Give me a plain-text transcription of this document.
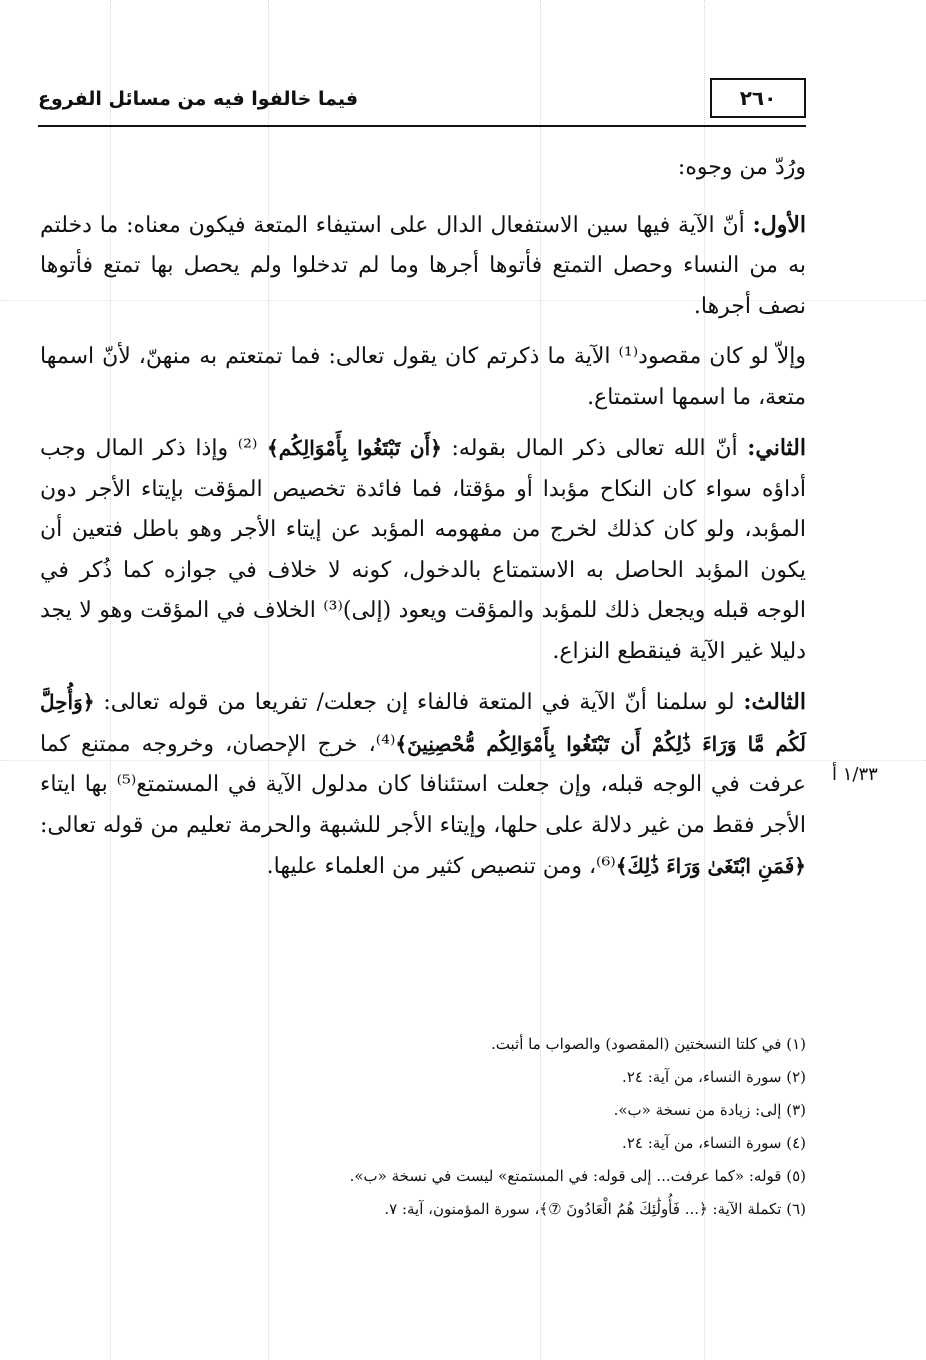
٢٦٠
فيما خالفوا فيه من مسائل الفروع

ورُدّ من وجوه:

الأول: أنّ الآية فيها سين الاستفعال الدال على استيفاء المتعة فيكون معناه: ما دخلتم به من النساء وحصل التمتع فأتوها أجرها وما لم تدخلوا ولم يحصل بها تمتع فأتوها نصف أجرها.

وإلاّ لو كان مقصود⁽¹⁾ الآية ما ذكرتم كان يقول تعالى: فما تمتعتم به منهنّ، لأنّ اسمها متعة، ما اسمها استمتاع.

الثاني: أنّ الله تعالى ذكر المال بقوله: ﴿أَن تَبْتَغُوا بِأَمْوَالِكُم﴾ ⁽²⁾ وإذا ذكر المال وجب أداؤه سواء كان النكاح مؤبدا أو مؤقتا، فما فائدة تخصيص المؤقت بإيتاء الأجر دون المؤبد، ولو كان كذلك لخرج من مفهومه المؤبد عن إيتاء الأجر وهو باطل فتعين أن يكون المؤبد الحاصل به الاستمتاع بالدخول، كونه لا خلاف في جوازه كما ذُكر في الوجه قبله ويجعل ذلك للمؤبد والمؤقت ويعود (إلى)⁽³⁾ الخلاف في المؤقت وهو لا يجد دليلا غير الآية فينقطع النزاع.

الثالث: لو سلمنا أنّ الآية في المتعة فالفاء إن جعلت/ تفريعا من قوله تعالى: ﴿وَأُحِلَّ لَكُم مَّا وَرَاءَ ذَٰلِكُمْ أَن تَبْتَغُوا بِأَمْوَالِكُم مُّحْصِنِينَ﴾⁽⁴⁾، خرج الإحصان، وخروجه ممتنع كما عرفت في الوجه قبله، وإن جعلت استئنافا كان مدلول الآية في المستمتع⁽⁵⁾ بها ايتاء الأجر فقط من غير دلالة على حلها، وإيتاء الأجر للشبهة والحرمة تعليم من قوله تعالى: ﴿فَمَنِ ابْتَغَىٰ وَرَاءَ ذَٰلِكَ﴾⁽⁶⁾، ومن تنصيص كثير من العلماء عليها.

١/٣٣ أ

(١) في كلتا النسختين (المقصود) والصواب ما أثبت.

(٢) سورة النساء، من آية: ٢٤.

(٣) إلى: زيادة من نسخة «ب».

(٤) سورة النساء، من آية: ٢٤.

(٥) قوله: «كما عرفت... إلى قوله: في المستمتع» ليست في نسخة «ب».

(٦) تكملة الآية: ﴿... فَأُولَٰئِكَ هُمُ الْعَادُونَ ⑦﴾، سورة المؤمنون، آية: ٧.
